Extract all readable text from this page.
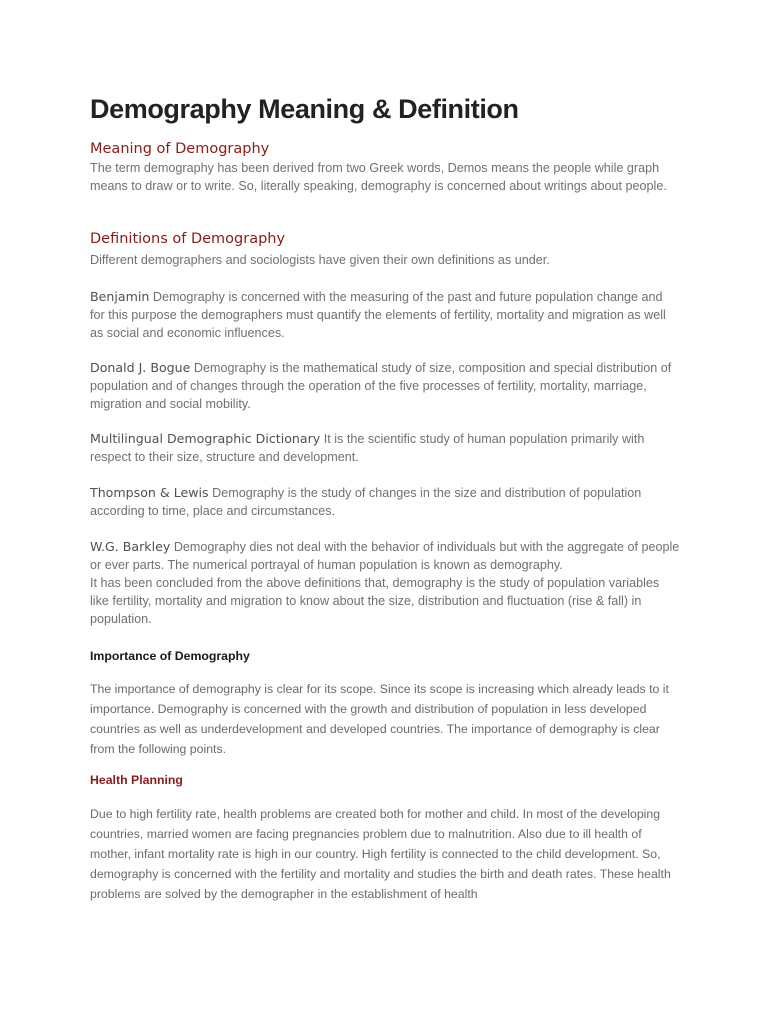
Demography Meaning & Definition
Meaning of Demography

The term demography has been derived from two Greek words, Demos means the people while graph means to draw or to write. So, literally speaking, demography is concerned about writings about people.

Definitions of Demography

Different demographers and sociologists have given their own definitions as under.

Benjamin Demography is concerned with the measuring of the past and future population change and for this purpose the demographers must quantify the elements of fertility, mortality and migration as well as social and economic influences.

Donald J. Bogue Demography is the mathematical study of size, composition and special distribution of population and of changes through the operation of the five processes of fertility, mortality, marriage, migration and social mobility.

Multilingual Demographic Dictionary It is the scientific study of human population primarily with respect to their size, structure and development.

Thompson & Lewis Demography is the study of changes in the size and distribution of population according to time, place and circumstances.

W.G. Barkley Demography dies not deal with the behavior of individuals but with the aggregate of people or ever parts. The numerical portrayal of human population is known as demography.
It has been concluded from the above definitions that, demography is the study of population variables like fertility, mortality and migration to know about the size, distribution and fluctuation (rise & fall) in population.
Importance of Demography

The importance of demography is clear for its scope. Since its scope is increasing which already leads to it importance. Demography is concerned with the growth and distribution of population in less developed countries as well as underdevelopment and developed countries. The importance of demography is clear from the following points.

Health Planning

Due to high fertility rate, health problems are created both for mother and child. In most of the developing countries, married women are facing pregnancies problem due to malnutrition. Also due to ill health of mother, infant mortality rate is high in our country. High fertility is connected to the child development. So, demography is concerned with the fertility and mortality and studies the birth and death rates. These health problems are solved by the demographer in the establishment of health
